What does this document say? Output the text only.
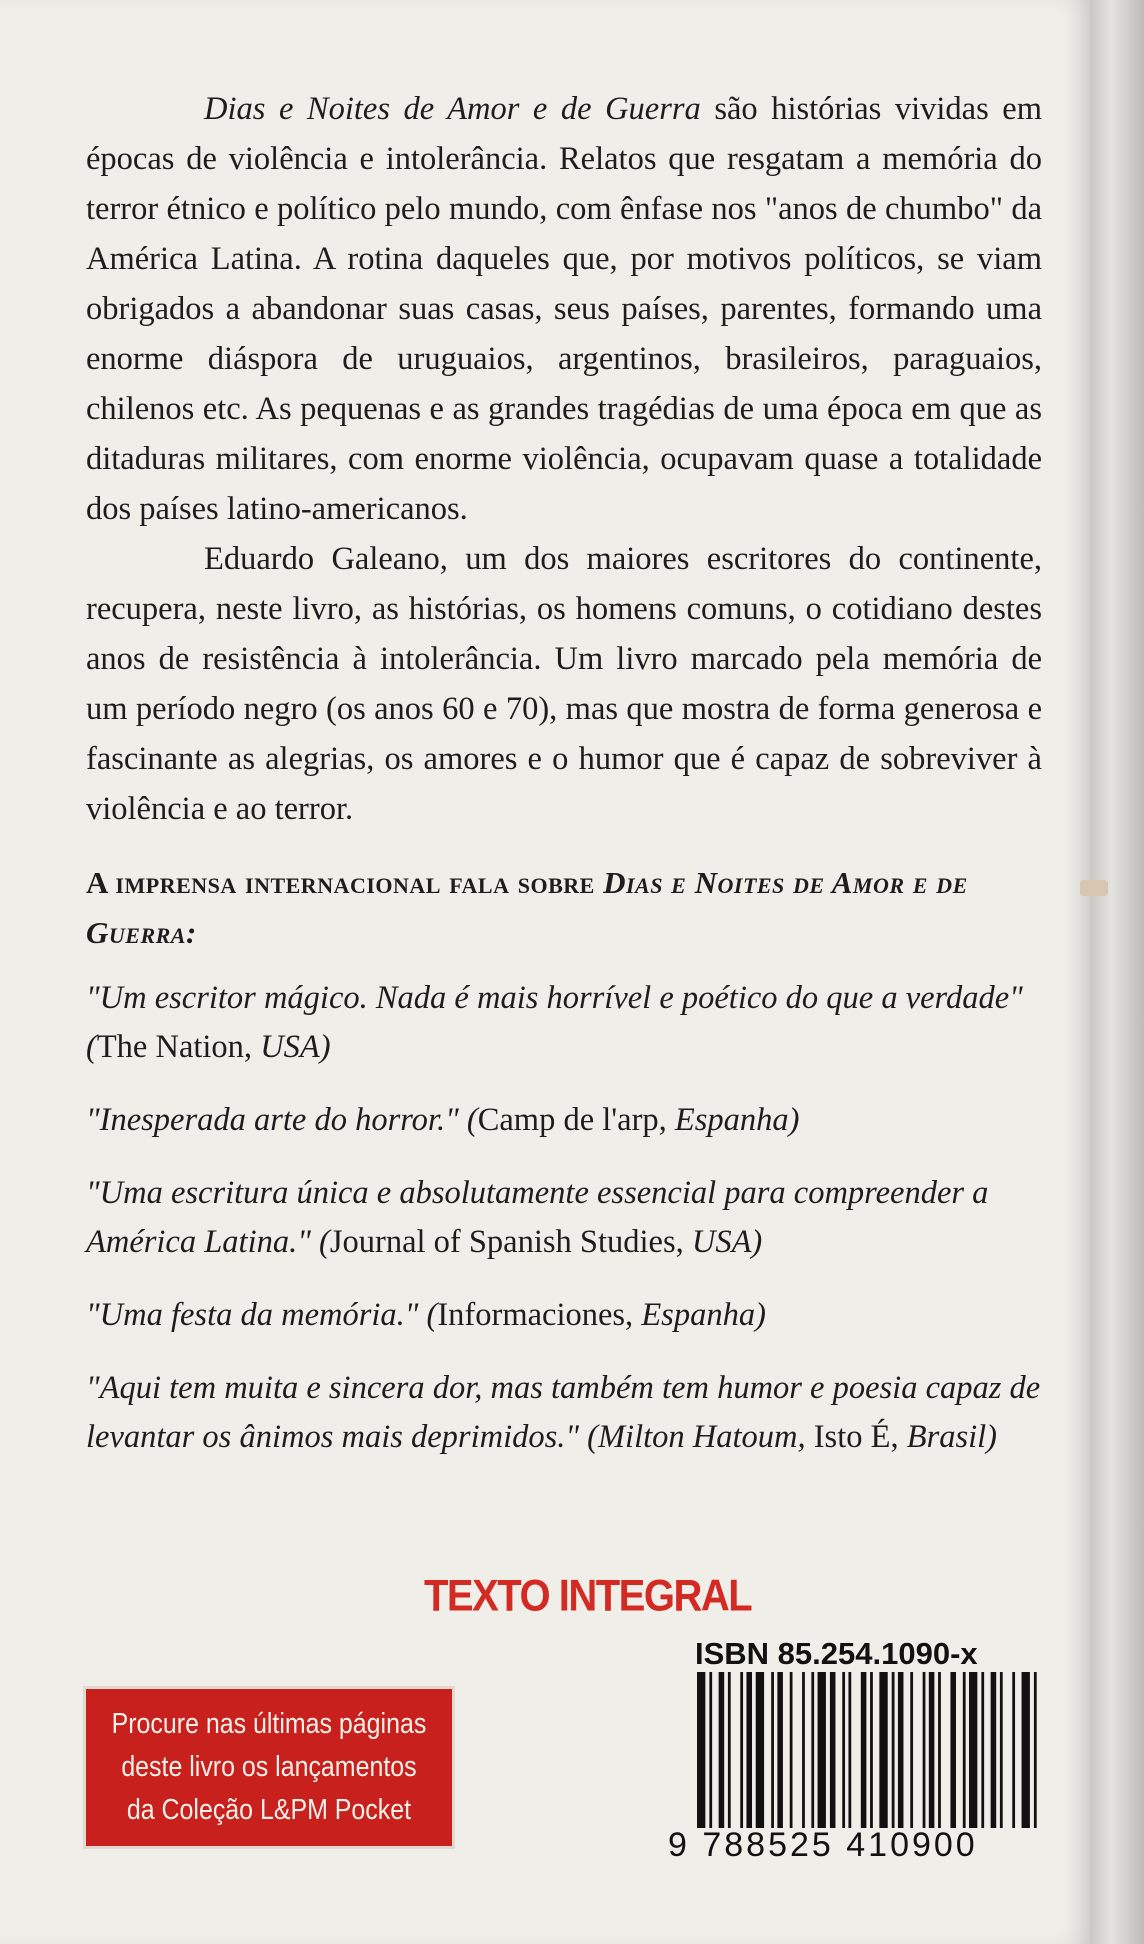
Dias e Noites de Amor e de Guerra são histórias vividas em épocas de violência e intolerância. Relatos que resgatam a memória do terror étnico e político pelo mundo, com ênfase nos "anos de chumbo" da América Latina. A rotina daqueles que, por motivos políticos, se viam obrigados a abandonar suas casas, seus países, parentes, formando uma enorme diáspora de uruguaios, argentinos, brasileiros, paraguaios, chilenos etc. As pequenas e as grandes tragédias de uma época em que as ditaduras militares, com enorme violência, ocupavam quase a totalidade dos países latino-americanos.

Eduardo Galeano, um dos maiores escritores do continente, recupera, neste livro, as histórias, os homens comuns, o cotidiano destes anos de resistência à intolerância. Um livro marcado pela memória de um período negro (os anos 60 e 70), mas que mostra de forma generosa e fascinante as alegrias, os amores e o humor que é capaz de sobreviver à violência e ao terror.

A imprensa internacional fala sobre Dias e Noites de Amor e de Guerra:

"Um escritor mágico. Nada é mais horrível e poético do que a verdade" (The Nation, USA)

"Inesperada arte do horror." (Camp de l'arp, Espanha)

"Uma escritura única e absolutamente essencial para compreender a América Latina." (Journal of Spanish Studies, USA)

"Uma festa da memória." (Informaciones, Espanha)

"Aqui tem muita e sincera dor, mas também tem humor e poesia capaz de levantar os ânimos mais deprimidos." (Milton Hatoum, Isto É, Brasil)

TEXTO INTEGRAL
ISBN 85.254.1090-x
9 788525 410900
Procure nas últimas páginas
deste livro os lançamentos
da Coleção L&PM Pocket
